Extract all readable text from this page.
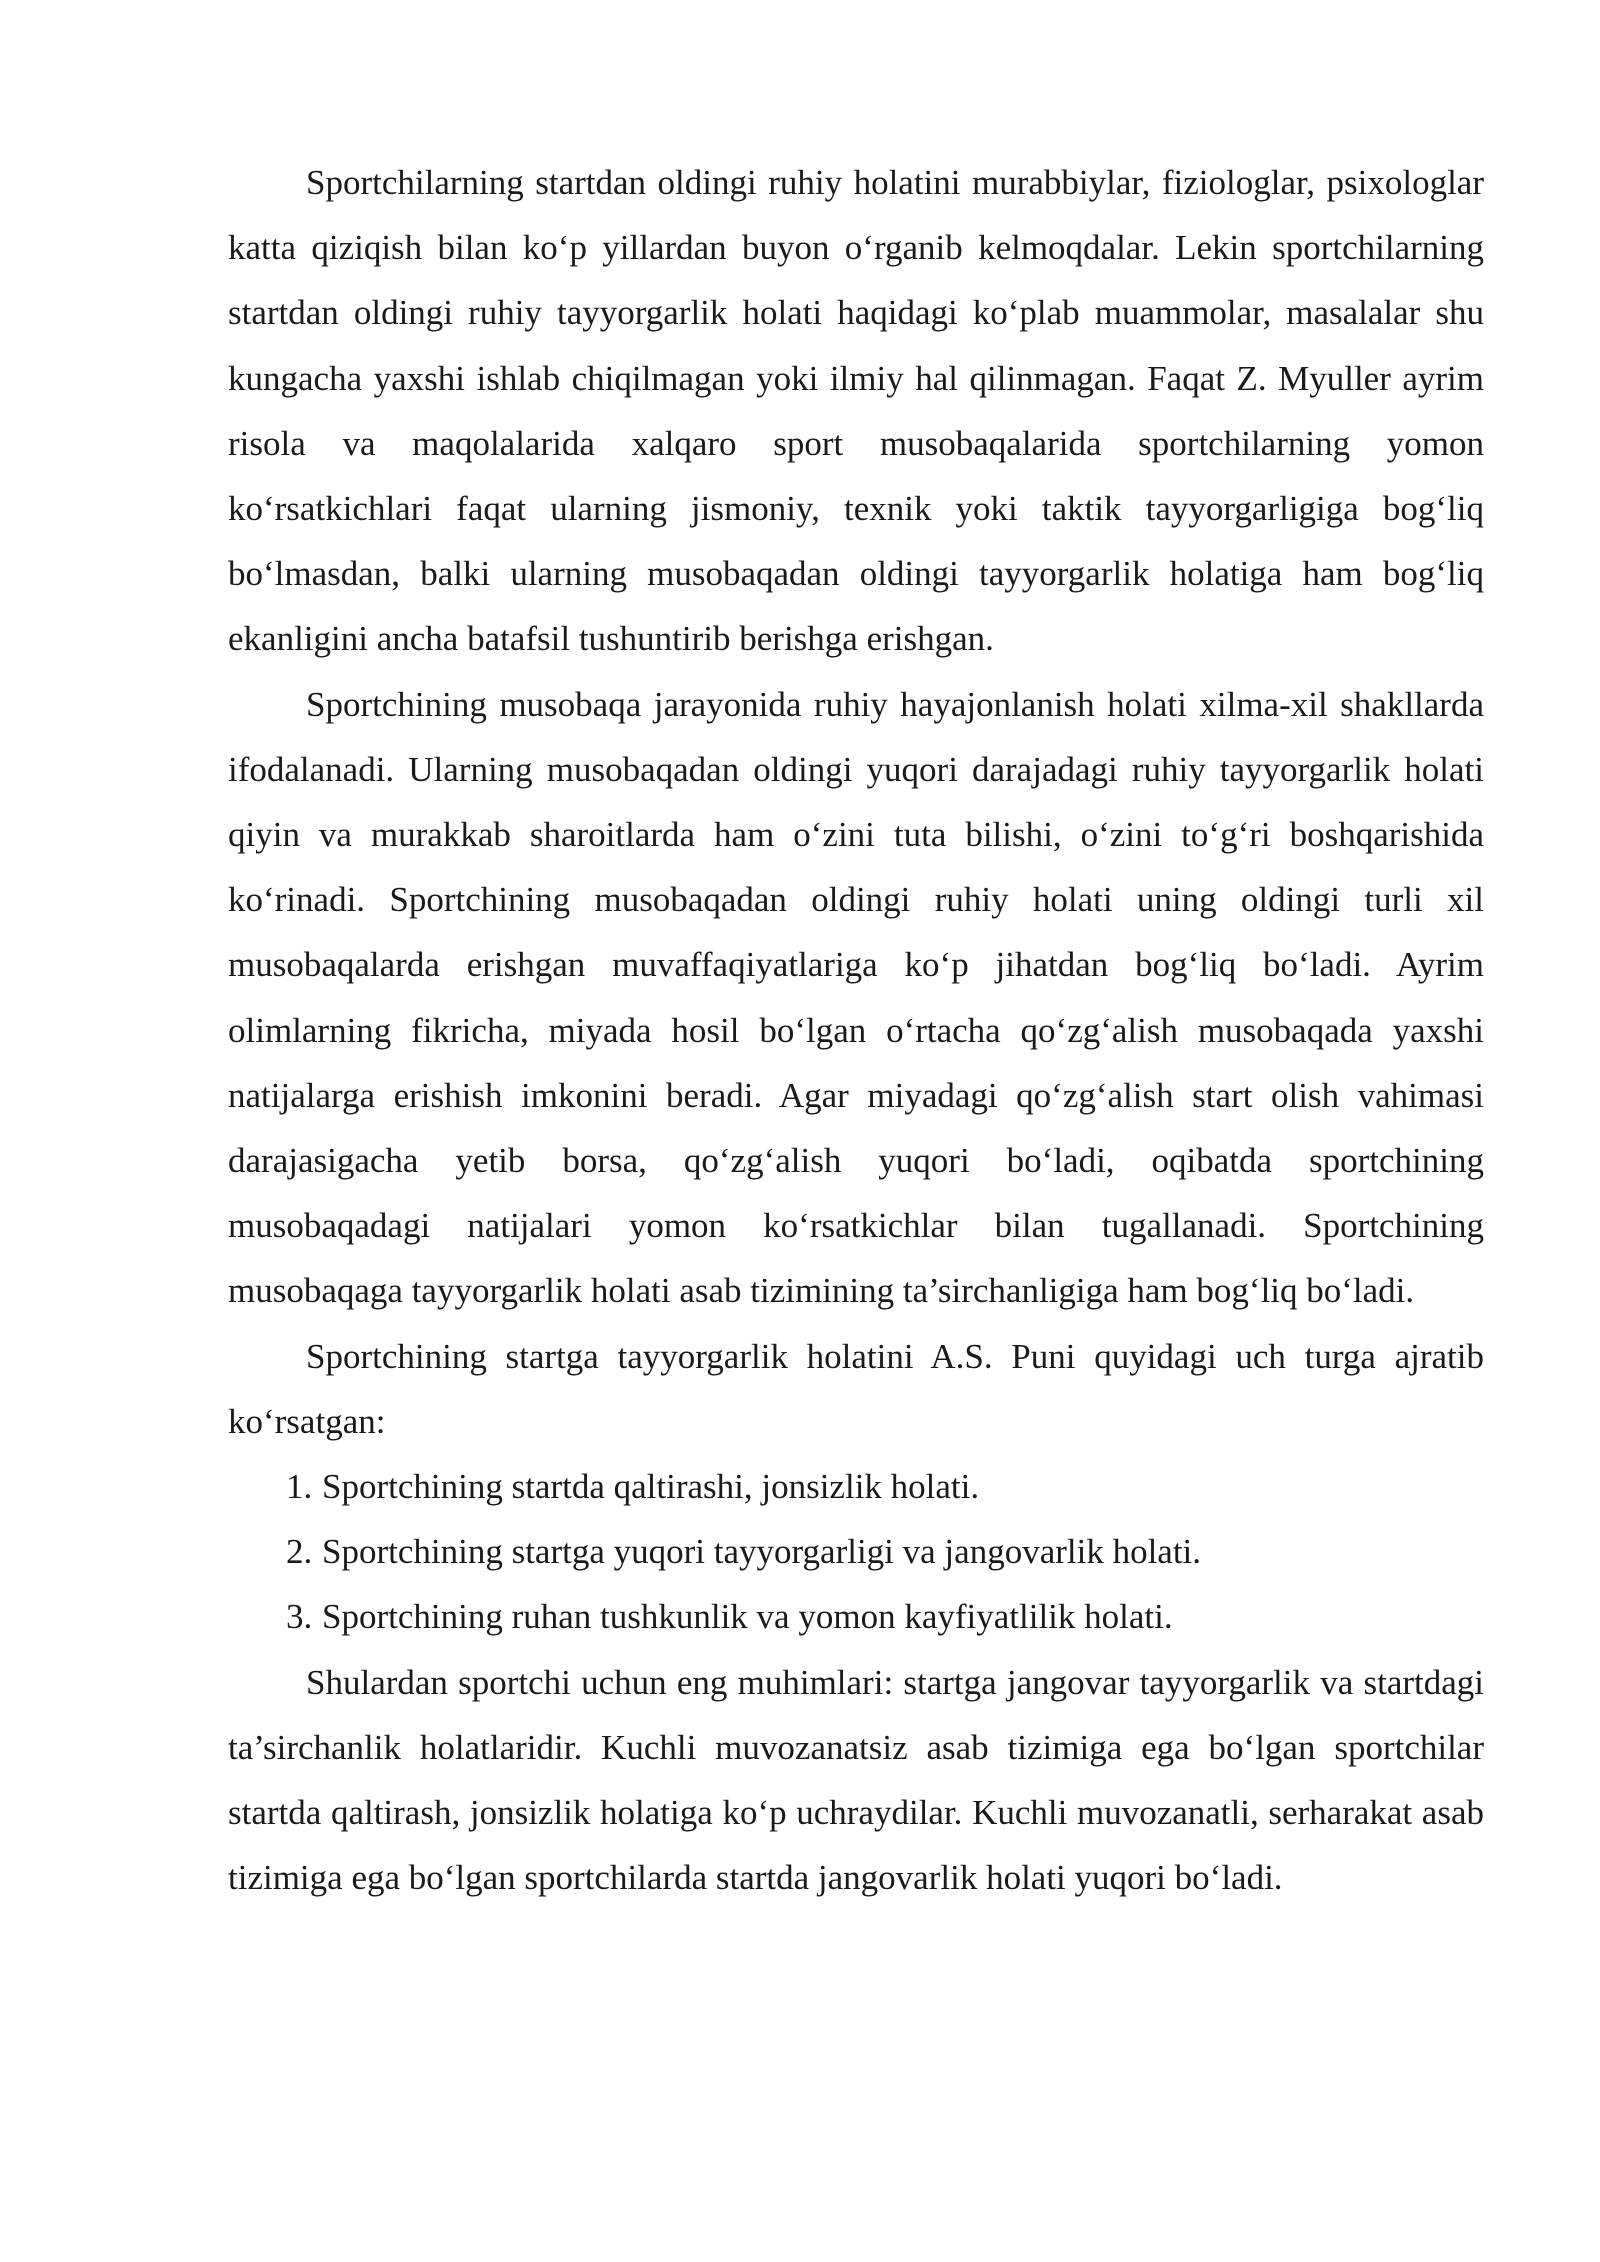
Sportchilarning startdan oldingi ruhiy holatini murabbiylar, fiziologlar, psixologlar katta qiziqish bilan ko‘p yillardan buyon o‘rganib kelmoqdalar. Lekin sportchilarning startdan oldingi ruhiy tayyorgarlik holati haqidagi ko‘plab muammolar, masalalar shu kungacha yaxshi ishlab chiqilmagan yoki ilmiy hal qilinmagan. Faqat Z. Myuller ayrim risola va maqolalarida xalqaro sport musobaqalarida sportchilarning yomon ko‘rsatkichlari faqat ularning jismoniy, texnik yoki taktik tayyorgarligiga bog‘liq bo‘lmasdan, balki ularning musobaqadan oldingi tayyorgarlik holatiga ham bog‘liq ekanligini ancha batafsil tushuntirib berishga erishgan.

Sportchining musobaqa jarayonida ruhiy hayajonlanish holati xilma-xil shakllarda ifodalanadi. Ularning musobaqadan oldingi yuqori darajadagi ruhiy tayyorgarlik holati qiyin va murakkab sharoitlarda ham o‘zini tuta bilishi, o‘zini to‘g‘ri boshqarishida ko‘rinadi. Sportchining musobaqadan oldingi ruhiy holati uning oldingi turli xil musobaqalarda erishgan muvaffaqiyatlariga ko‘p jihatdan bog‘liq bo‘ladi. Ayrim olimlarning fikricha, miyada hosil bo‘lgan o‘rtacha qo‘zg‘alish musobaqada yaxshi natijalarga erishish imkonini beradi. Agar miyadagi qo‘zg‘alish start olish vahimasi darajasigacha yetib borsa, qo‘zg‘alish yuqori bo‘ladi, oqibatda sportchining musobaqadagi natijalari yomon ko‘rsatkichlar bilan tugallanadi. Sportchining musobaqaga tayyorgarlik holati asab tizimining ta’sirchanligiga ham bog‘liq bo‘ladi.

Sportchining startga tayyorgarlik holatini A.S. Puni quyidagi uch turga ajratib ko‘rsatgan:

1. Sportchining startda qaltirashi, jonsizlik holati.
2. Sportchining startga yuqori tayyorgarligi va jangovarlik holati.
3. Sportchining ruhan tushkunlik va yomon kayfiyatlilik holati.

Shulardan sportchi uchun eng muhimlari: startga jangovar tayyorgarlik va startdagi ta’sirchanlik holatlaridir. Kuchli muvozanatsiz asab tizimiga ega bo‘lgan sportchilar startda qaltirash, jonsizlik holatiga ko‘p uchraydilar. Kuchli muvozanatli, serharakat asab tizimiga ega bo‘lgan sportchilarda startda jangovarlik holati yuqori bo‘ladi.
